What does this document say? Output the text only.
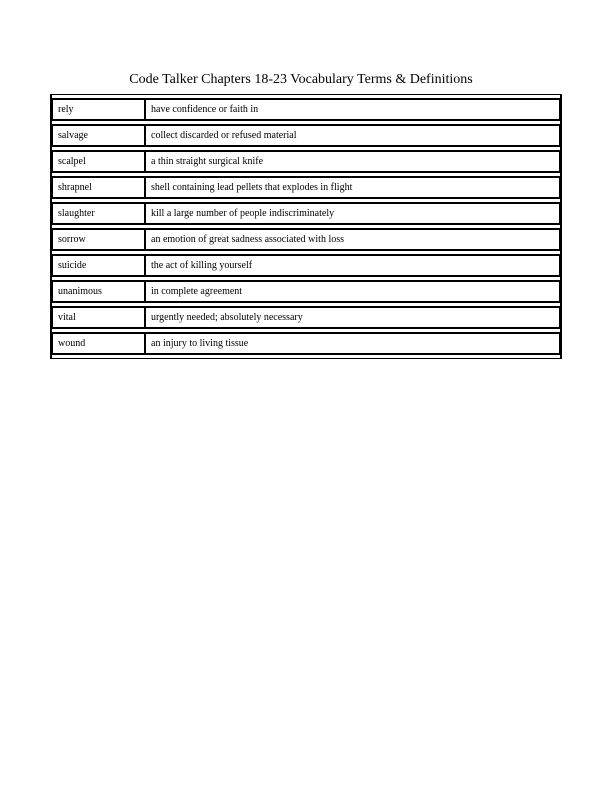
Code Talker Chapters 18-23 Vocabulary Terms & Definitions
rely	have confidence or faith in
salvage	collect discarded or refused material
scalpel	a thin straight surgical knife
shrapnel	shell containing lead pellets that explodes in flight
slaughter	kill a large number of people indiscriminately
sorrow	an emotion of great sadness associated with loss
suicide	the act of killing yourself
unanimous	in complete agreement
vital	urgently needed; absolutely necessary
wound	an injury to living tissue
